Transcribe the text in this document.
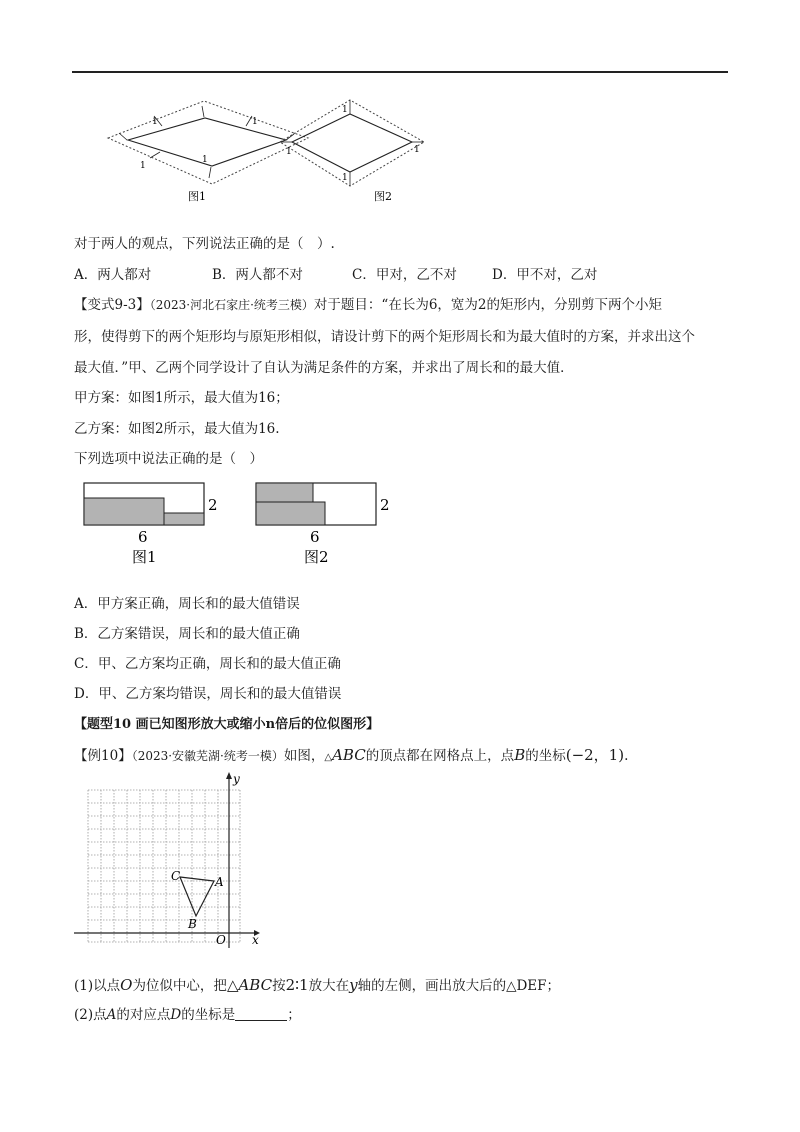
1
1
1
1
图1
1
1	1
1
图2
对于两人的观点，下列说法正确的是（　）.
A．两人都对	B．两人都不对	C．甲对，乙不对	D．甲不对，乙对
【变式9-3】（2023·河北石家庄·统考三模）对于题目：“在长为6，宽为2的矩形内，分别剪下两个小矩
形，使得剪下的两个矩形均与原矩形相似，请设计剪下的两个矩形周长和为最大值时的方案，并求出这个
最大值．”甲、乙两个同学设计了自认为满足条件的方案，并求出了周长和的最大值．
甲方案：如图1所示，最大值为16；
乙方案：如图2所示，最大值为16.
下列选项中说法正确的是（　）
2
6
图1
2
6
图2
A．甲方案正确，周长和的最大值错误
B．乙方案错误，周长和的最大值正确
C．甲、乙方案均正确，周长和的最大值正确
D．甲、乙方案均错误，周长和的最大值错误
【题型10 画已知图形放大或缩小n倍后的位似图形】
【例10】（2023·安徽芜湖·统考一模）如图，△ABC的顶点都在网格点上，点B的坐标(−2，1).
A
B
C
O x
y
(1)以点O为位似中心，把△ABC按2∶1放大在y轴的左侧，画出放大后的△DEF；
(2)点A的对应点D的坐标是	；
